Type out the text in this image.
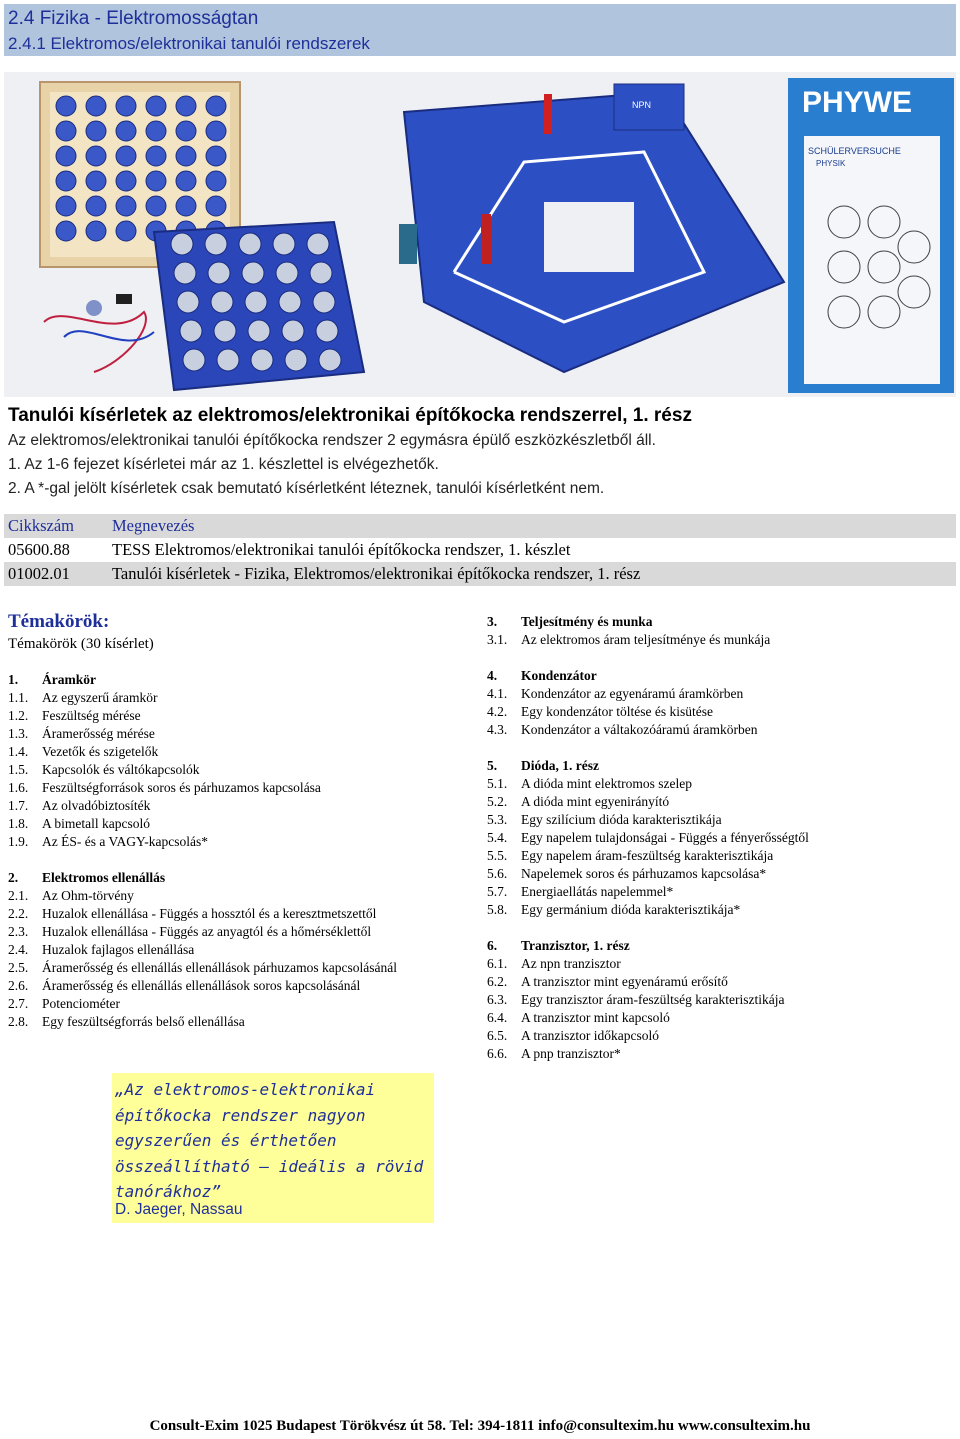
2.4 Fizika - Elektromosságtan
2.4.1 Elektromos/elektronikai tanulói rendszerek
NPN	PHYWE
SCHÜLERVERSUCHE
PHYSIK
Tanulói kísérletek az elektromos/elektronikai építőkocka rendszerrel, 1. rész
Az elektromos/elektronikai tanulói építőkocka rendszer 2 egymásra épülő eszközkészletből áll.
1. Az 1-6 fejezet kísérletei már az 1. készlettel is elvégezhetők.
2. A *-gal jelölt kísérletek csak bemutató kísérletként léteznek, tanulói kísérletként nem.
Cikkszám Megnevezés
05600.88	TESS Elektromos/elektronikai tanulói építőkocka rendszer, 1. készlet
01002.01	Tanulói kísérletek - Fizika, Elektromos/elektronikai építőkocka rendszer, 1. rész
Témakörök:
Témakörök (30 kísérlet)
1. Áramkör
1.1. Az egyszerű áramkör
1.2. Feszültség mérése
1.3. Áramerősség mérése
1.4. Vezetők és szigetelők
1.5. Kapcsolók és váltókapcsolók
1.6. Feszültségforrások soros és párhuzamos kapcsolása
1.7. Az olvadóbiztosíték
1.8. A bimetall kapcsoló
1.9. Az ÉS- és a VAGY-kapcsolás*
2. Elektromos ellenállás
2.1. Az Ohm-törvény
2.2. Huzalok ellenállása - Függés a hossztól és a keresztmetszettől
2.3. Huzalok ellenállása - Függés az anyagtól és a hőmérséklettől
2.4. Huzalok fajlagos ellenállása
2.5. Áramerősség és ellenállás ellenállások párhuzamos kapcsolásánál
2.6. Áramerősség és ellenállás ellenállások soros kapcsolásánál
2.7. Potenciométer
2.8. Egy feszültségforrás belső ellenállása
3. Teljesítmény és munka
3.1. Az elektromos áram teljesítménye és munkája
4. Kondenzátor
4.1. Kondenzátor az egyenáramú áramkörben
4.2. Egy kondenzátor töltése és kisütése
4.3. Kondenzátor a váltakozóáramú áramkörben
5. Dióda, 1. rész
5.1. A dióda mint elektromos szelep
5.2. A dióda mint egyenirányító
5.3. Egy szilícium dióda karakterisztikája
5.4. Egy napelem tulajdonságai - Függés a fényerősségtől
5.5. Egy napelem áram-feszültség karakterisztikája
5.6. Napelemek soros és párhuzamos kapcsolása*
5.7. Energiaellátás napelemmel*
5.8. Egy germánium dióda karakterisztikája*
6. Tranzisztor, 1. rész
6.1. Az npn tranzisztor
6.2. A tranzisztor mint egyenáramú erősítő
6.3. Egy tranzisztor áram-feszültség karakterisztikája
6.4. A tranzisztor mint kapcsoló
6.5. A tranzisztor időkapcsoló
6.6. A pnp tranzisztor*
„Az elektromos-elektronikai építőkocka rendszer nagyon egyszerűen és érthetően összeállítható – ideális a rövid tanórákhoz”
D. Jaeger, Nassau
Consult-Exim 1025 Budapest Törökvész út 58. Tel: 394-1811 info@consultexim.hu www.consultexim.hu
